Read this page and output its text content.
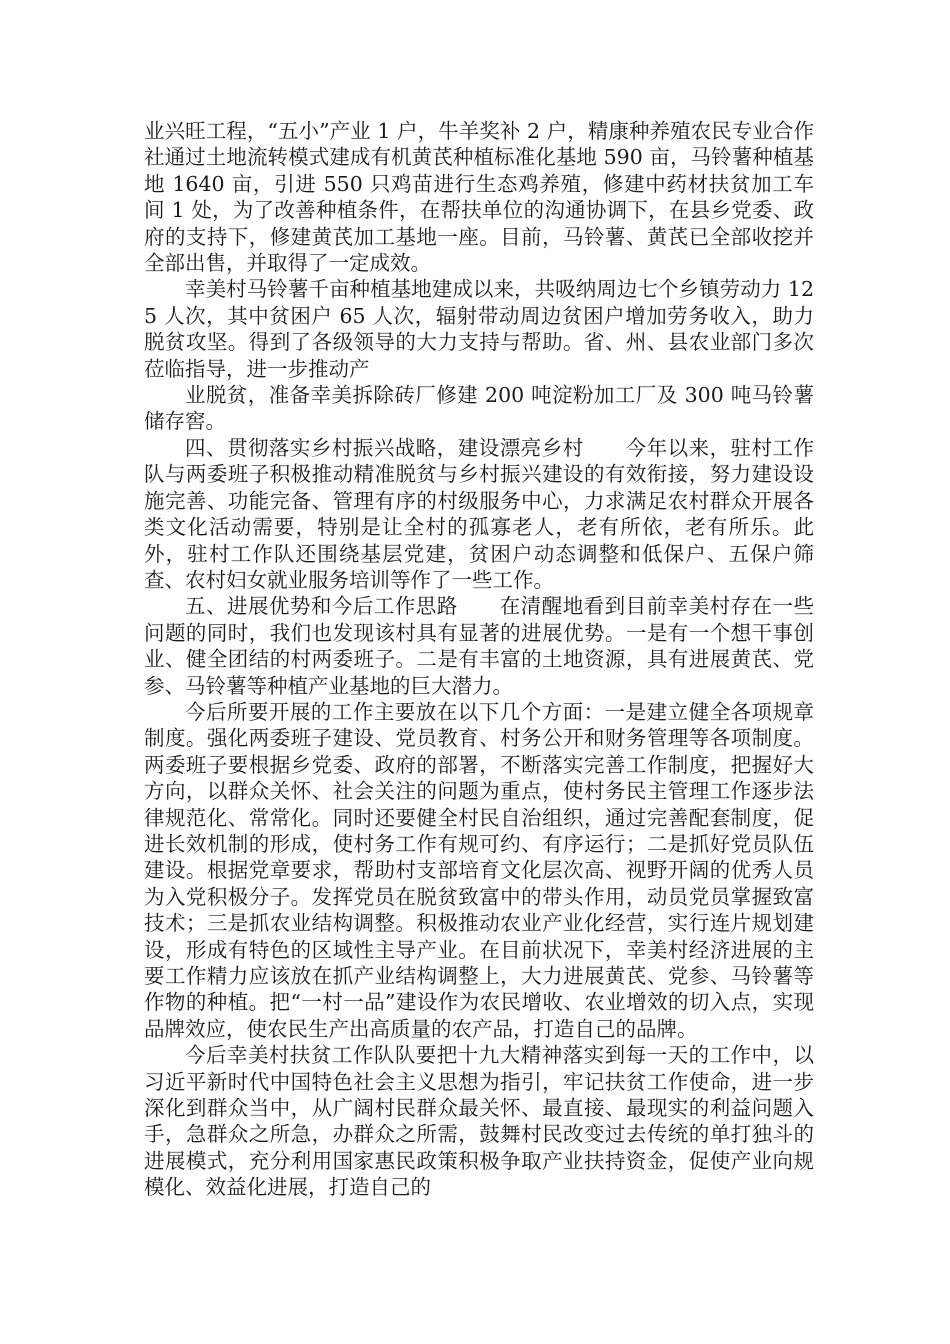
业兴旺工程，“五小”产业 1 户，牛羊奖补 2 户，精康种养殖农民专业合作社通过土地流转模式建成有机黄芪种植标准化基地 590 亩，马铃薯种植基地 1640 亩，引进 550 只鸡苗进行生态鸡养殖，修建中药材扶贫加工车间 1 处，为了改善种植条件，在帮扶单位的沟通协调下，在县乡党委、政府的支持下，修建黄芪加工基地一座。目前，马铃薯、黄芪已全部收挖并全部出售，并取得了一定成效。

幸美村马铃薯千亩种植基地建成以来，共吸纳周边七个乡镇劳动力 125 人次，其中贫困户 65 人次，辐射带动周边贫困户增加劳务收入，助力脱贫攻坚。得到了各级领导的大力支持与帮助。省、州、县农业部门多次莅临指导，进一步推动产

业脱贫，准备幸美拆除砖厂修建 200 吨淀粉加工厂及 300 吨马铃薯储存窖。

四、贯彻落实乡村振兴战略，建设漂亮乡村　　今年以来，驻村工作队与两委班子积极推动精准脱贫与乡村振兴建设的有效衔接，努力建设设施完善、功能完备、管理有序的村级服务中心，力求满足农村群众开展各类文化活动需要，特别是让全村的孤寡老人，老有所依，老有所乐。此外，驻村工作队还围绕基层党建，贫困户动态调整和低保户、五保户筛查、农村妇女就业服务培训等作了一些工作。

五、进展优势和今后工作思路　　在清醒地看到目前幸美村存在一些问题的同时，我们也发现该村具有显著的进展优势。一是有一个想干事创业、健全团结的村两委班子。二是有丰富的土地资源，具有进展黄芪、党参、马铃薯等种植产业基地的巨大潜力。

今后所要开展的工作主要放在以下几个方面：一是建立健全各项规章制度。强化两委班子建设、党员教育、村务公开和财务管理等各项制度。两委班子要根据乡党委、政府的部署，不断落实完善工作制度，把握好大方向，以群众关怀、社会关注的问题为重点，使村务民主管理工作逐步法律规范化、常常化。同时还要健全村民自治组织，通过完善配套制度，促进长效机制的形成，使村务工作有规可约、有序运行；二是抓好党员队伍建设。根据党章要求，帮助村支部培育文化层次高、视野开阔的优秀人员为入党积极分子。发挥党员在脱贫致富中的带头作用，动员党员掌握致富技术；三是抓农业结构调整。积极推动农业产业化经营，实行连片规划建设，形成有特色的区域性主导产业。在目前状况下，幸美村经济进展的主要工作精力应该放在抓产业结构调整上，大力进展黄芪、党参、马铃薯等作物的种植。把“一村一品”建设作为农民增收、农业增效的切入点，实现品牌效应，使农民生产出高质量的农产品，打造自己的品牌。

今后幸美村扶贫工作队队要把十九大精神落实到每一天的工作中，以习近平新时代中国特色社会主义思想为指引，牢记扶贫工作使命，进一步深化到群众当中，从广阔村民群众最关怀、最直接、最现实的利益问题入手，急群众之所急，办群众之所需，鼓舞村民改变过去传统的单打独斗的进展模式，充分利用国家惠民政策积极争取产业扶持资金，促使产业向规模化、效益化进展，打造自己的
